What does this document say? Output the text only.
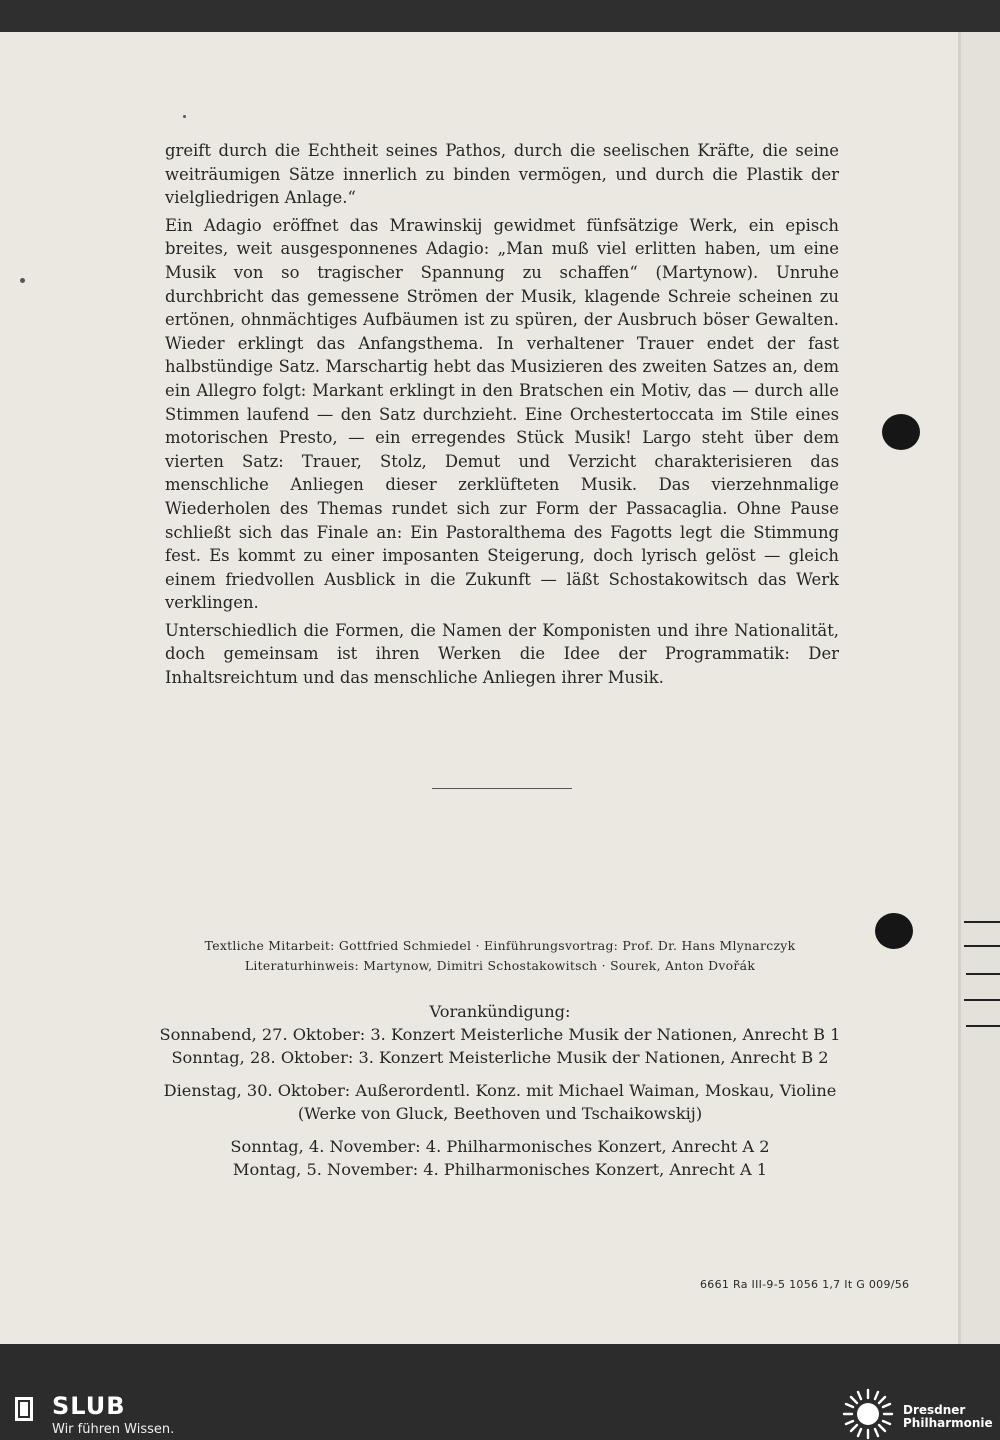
greift durch die Echtheit seines Pathos, durch die seelischen Kräfte, die seine weiträumigen Sätze innerlich zu binden vermögen, und durch die Plastik der vielgliedrigen Anlage.“

Ein Adagio eröffnet das Mrawinskij gewidmet fünfsätzige Werk, ein episch breites, weit ausgesponnenes Adagio: „Man muß viel erlitten haben, um eine Musik von so tragischer Spannung zu schaffen“ (Martynow). Unruhe durchbricht das gemessene Strömen der Musik, klagende Schreie scheinen zu ertönen, ohnmächtiges Aufbäumen ist zu spüren, der Ausbruch böser Gewalten. Wieder erklingt das Anfangsthema. In verhaltener Trauer endet der fast halbstündige Satz. Marschartig hebt das Musizieren des zweiten Satzes an, dem ein Allegro folgt: Markant erklingt in den Bratschen ein Motiv, das — durch alle Stimmen laufend — den Satz durchzieht. Eine Orchestertoccata im Stile eines motorischen Presto, — ein erregendes Stück Musik! Largo steht über dem vierten Satz: Trauer, Stolz, Demut und Verzicht charakterisieren das menschliche Anliegen dieser zerklüfteten Musik. Das vierzehnmalige Wiederholen des Themas rundet sich zur Form der Passacaglia. Ohne Pause schließt sich das Finale an: Ein Pastoralthema des Fagotts legt die Stimmung fest. Es kommt zu einer imposanten Steigerung, doch lyrisch gelöst — gleich einem friedvollen Ausblick in die Zukunft — läßt Schostakowitsch das Werk verklingen.

Unterschiedlich die Formen, die Namen der Komponisten und ihre Nationalität, doch gemeinsam ist ihren Werken die Idee der Programmatik: Der Inhaltsreichtum und das menschliche Anliegen ihrer Musik.

Textliche Mitarbeit: Gottfried Schmiedel · Einführungsvortrag: Prof. Dr. Hans Mlynarczyk
Literaturhinweis: Martynow, Dimitri Schostakowitsch · Sourek, Anton Dvořák
Vorankündigung:
Sonnabend, 27. Oktober: 3. Konzert Meisterliche Musik der Nationen, Anrecht B 1
Sonntag, 28. Oktober: 3. Konzert Meisterliche Musik der Nationen, Anrecht B 2
Dienstag, 30. Oktober: Außerordentl. Konz. mit Michael Waiman, Moskau, Violine
(Werke von Gluck, Beethoven und Tschaikowskij)
Sonntag, 4. November: 4. Philharmonisches Konzert, Anrecht A 2
Montag, 5. November: 4. Philharmonisches Konzert, Anrecht A 1
6661 Ra III-9-5 1056 1,7 It G 009/56
SLUB
Wir führen Wissen.
Dresdner
Philharmonie
